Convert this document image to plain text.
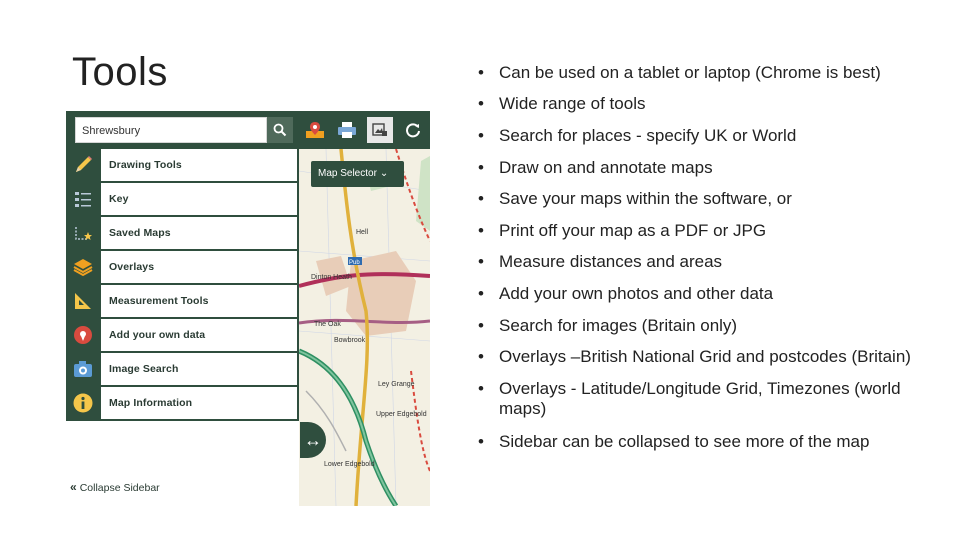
Tools
Hell
Dinton Heath
The Oak
Bowbrook
Ley Grange
Upper Edgebold
Lower Edgebold
Pub
Shrewsbury
Drawing Tools
Key
Saved Maps
Overlays
Measurement Tools
Add your own data
Image Search
Map Information
« Collapse Sidebar
Map Selector ⌄
↔
• Can be used on a tablet or laptop (Chrome is best)
• Wide range of tools
• Search for places - specify UK or World
• Draw on and annotate maps
• Save your maps within the software, or
• Print off your map as a PDF or JPG
• Measure distances and areas
• Add your own photos and other data
• Search for images (Britain only)
• Overlays –British National Grid and postcodes (Britain)
• Overlays - Latitude/Longitude Grid, Timezones (world maps)
• Sidebar can be collapsed to see more of the map
